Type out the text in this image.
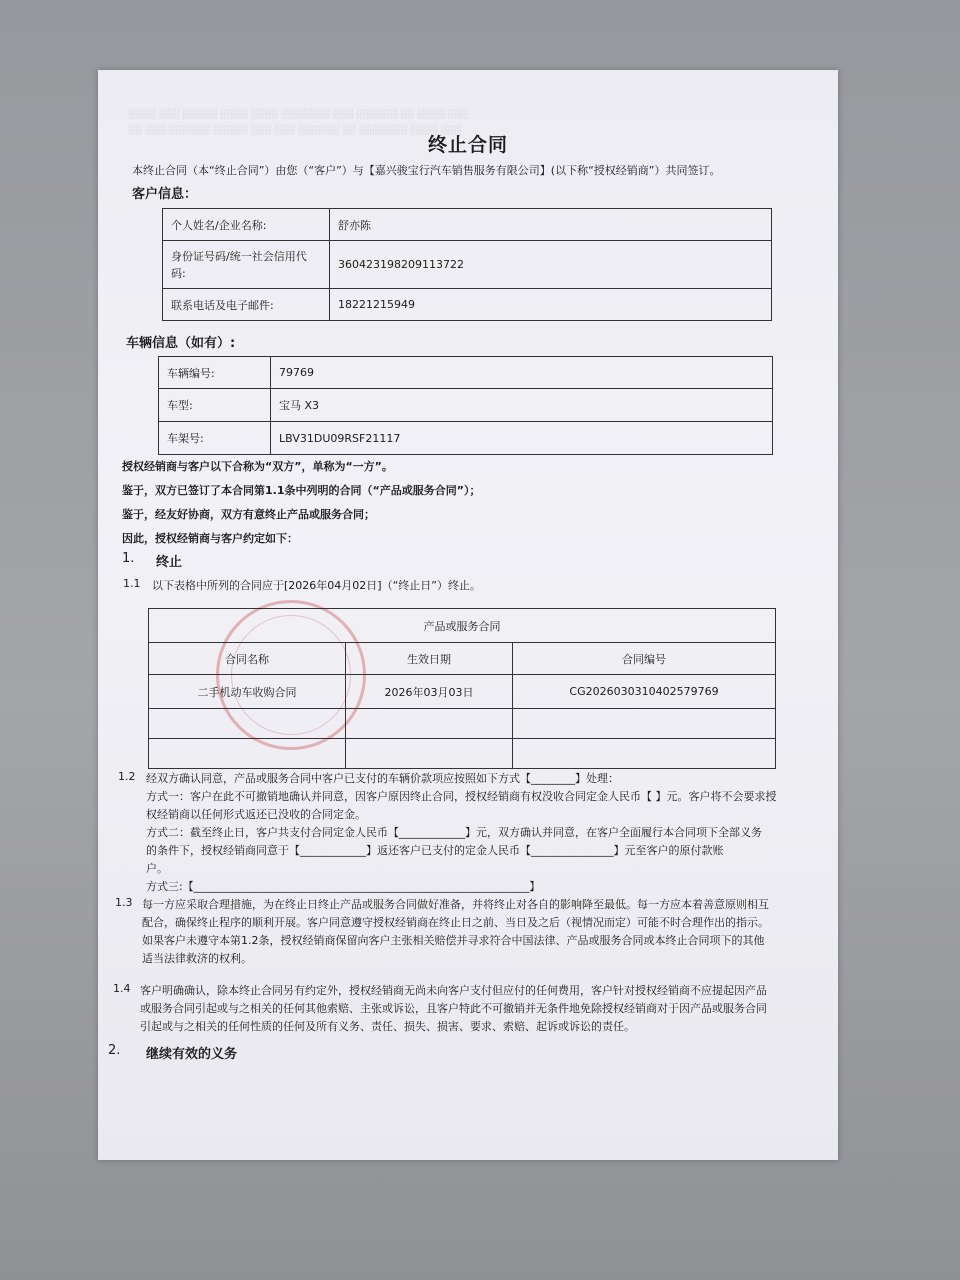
░░░ ░░░░ ░░ ░░░░░░ ░░░ ░░░░░░░ ░░░░ ░░░░ ░░░░░ ░░░ ░░░░
░░░ ░░░░ ░░░░░░░ ░░ ░░░░░░ ░░░ ░░░ ░░░░░ ░░░░░░ ░░░ ░░
终止合同
本终止合同（本“终止合同”）由您（“客户”）与【嘉兴骏宝行汽车销售服务有限公司】(以下称“授权经销商”）共同签订。
客户信息：
个人姓名/企业名称:	舒亦陈
身份证号码/统一社会信用代码:	360423198209113722
联系电话及电子邮件:	18221215949
车辆信息（如有）:
车辆编号:	79769
车型:	宝马 X3
车架号:	LBV31DU09RSF21117
授权经销商与客户以下合称为“双方”，单称为“一方”。
鉴于，双方已签订了本合同第1.1条中列明的合同（“产品或服务合同”）；
鉴于，经友好协商，双方有意终止产品或服务合同；
因此，授权经销商与客户约定如下：
1. 终止
1.1 以下表格中所列的合同应于[2026年04月02日]（“终止日”）终止。
产品或服务合同		
合同名称	生效日期	合同编号
二手机动车收购合同	2026年03月03日	CG2026030310402579769

1.2 经双方确认同意，产品或服务合同中客户已支付的车辆价款项应按照如下方式【________】处理：
方式一：客户在此不可撤销地确认并同意，因客户原因终止合同，授权经销商有权没收合同定金人民币【 】元。客户将不会要求授
权经销商以任何形式返还已没收的合同定金。
方式二：截至终止日，客户共支付合同定金人民币【____________】元，双方确认并同意，在客户全面履行本合同项下全部义务
的条件下，授权经销商同意于【____________】返还客户已支付的定金人民币【_______________】元至客户的原付款账
户。
方式三:【_____________________________________________________________】
1.3 每一方应采取合理措施，为在终止日终止产品或服务合同做好准备，并将终止对各自的影响降至最低。每一方应本着善意原则相互
配合，确保终止程序的顺利开展。客户同意遵守授权经销商在终止日之前、当日及之后（视情况而定）可能不时合理作出的指示。
如果客户未遵守本第1.2条，授权经销商保留向客户主张相关赔偿并寻求符合中国法律、产品或服务合同或本终止合同项下的其他
适当法律救济的权利。
1.4 客户明确确认，除本终止合同另有约定外，授权经销商无尚未向客户支付但应付的任何费用，客户针对授权经销商不应提起因产品
或服务合同引起或与之相关的任何其他索赔、主张或诉讼，且客户特此不可撤销并无条件地免除授权经销商对于因产品或服务合同
引起或与之相关的任何性质的任何及所有义务、责任、损失、损害、要求、索赔、起诉或诉讼的责任。
2. 继续有效的义务
